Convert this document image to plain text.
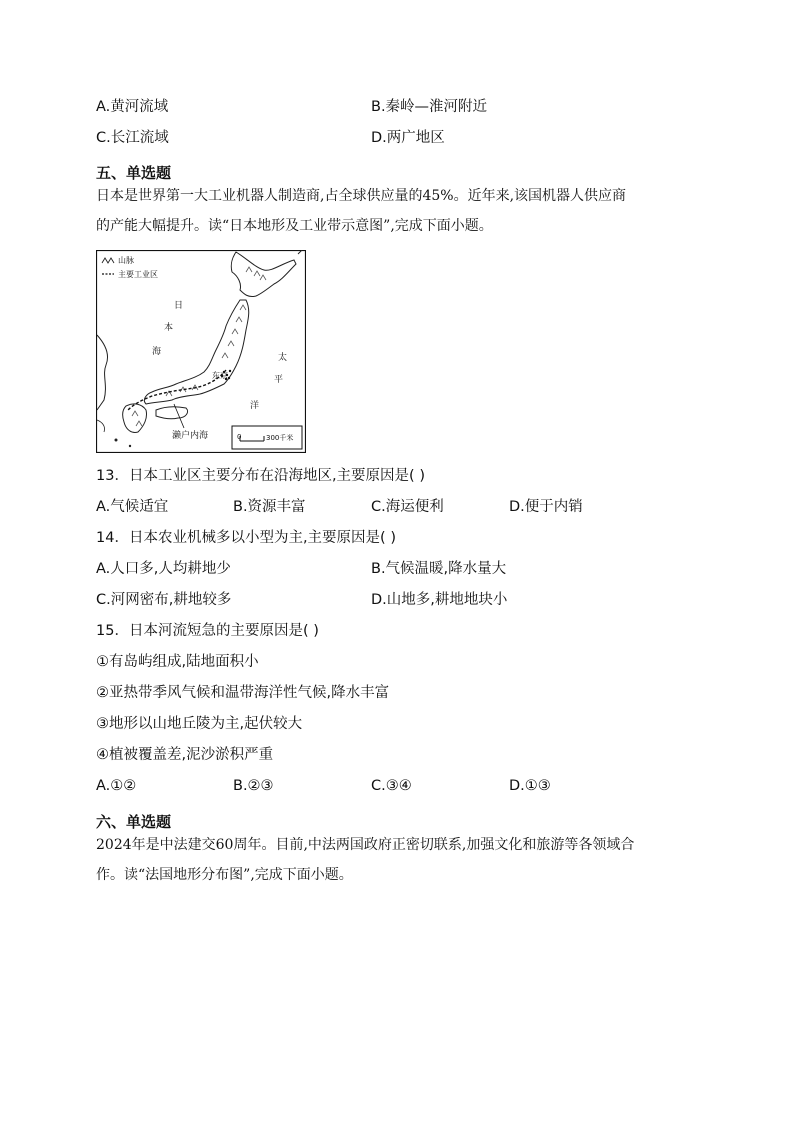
A.黄河流域	B.秦岭—淮河附近
C.长江流域	D.两广地区
五、单选题
日本是世界第一大工业机器人制造商,占全球供应量的45%。近年来,该国机器人供应商
的产能大幅提升。读“日本地形及工业带示意图”,完成下面小题。
山脉
主要工业区
日
本
海
太
平
洋
东京
濑户内海	0	300千米
13．日本工业区主要分布在沿海地区,主要原因是( )
A.气候适宜	B.资源丰富	C.海运便利	D.便于内销
14．日本农业机械多以小型为主,主要原因是( )
A.人口多,人均耕地少	B.气候温暖,降水量大
C.河网密布,耕地较多	D.山地多,耕地地块小
15．日本河流短急的主要原因是( )
①有岛屿组成,陆地面积小
②亚热带季风气候和温带海洋性气候,降水丰富
③地形以山地丘陵为主,起伏较大
④植被覆盖差,泥沙淤积严重
A.①②	B.②③	C.③④	D.①③
六、单选题
2024年是中法建交60周年。目前,中法两国政府正密切联系,加强文化和旅游等各领域合
作。读“法国地形分布图”,完成下面小题。
